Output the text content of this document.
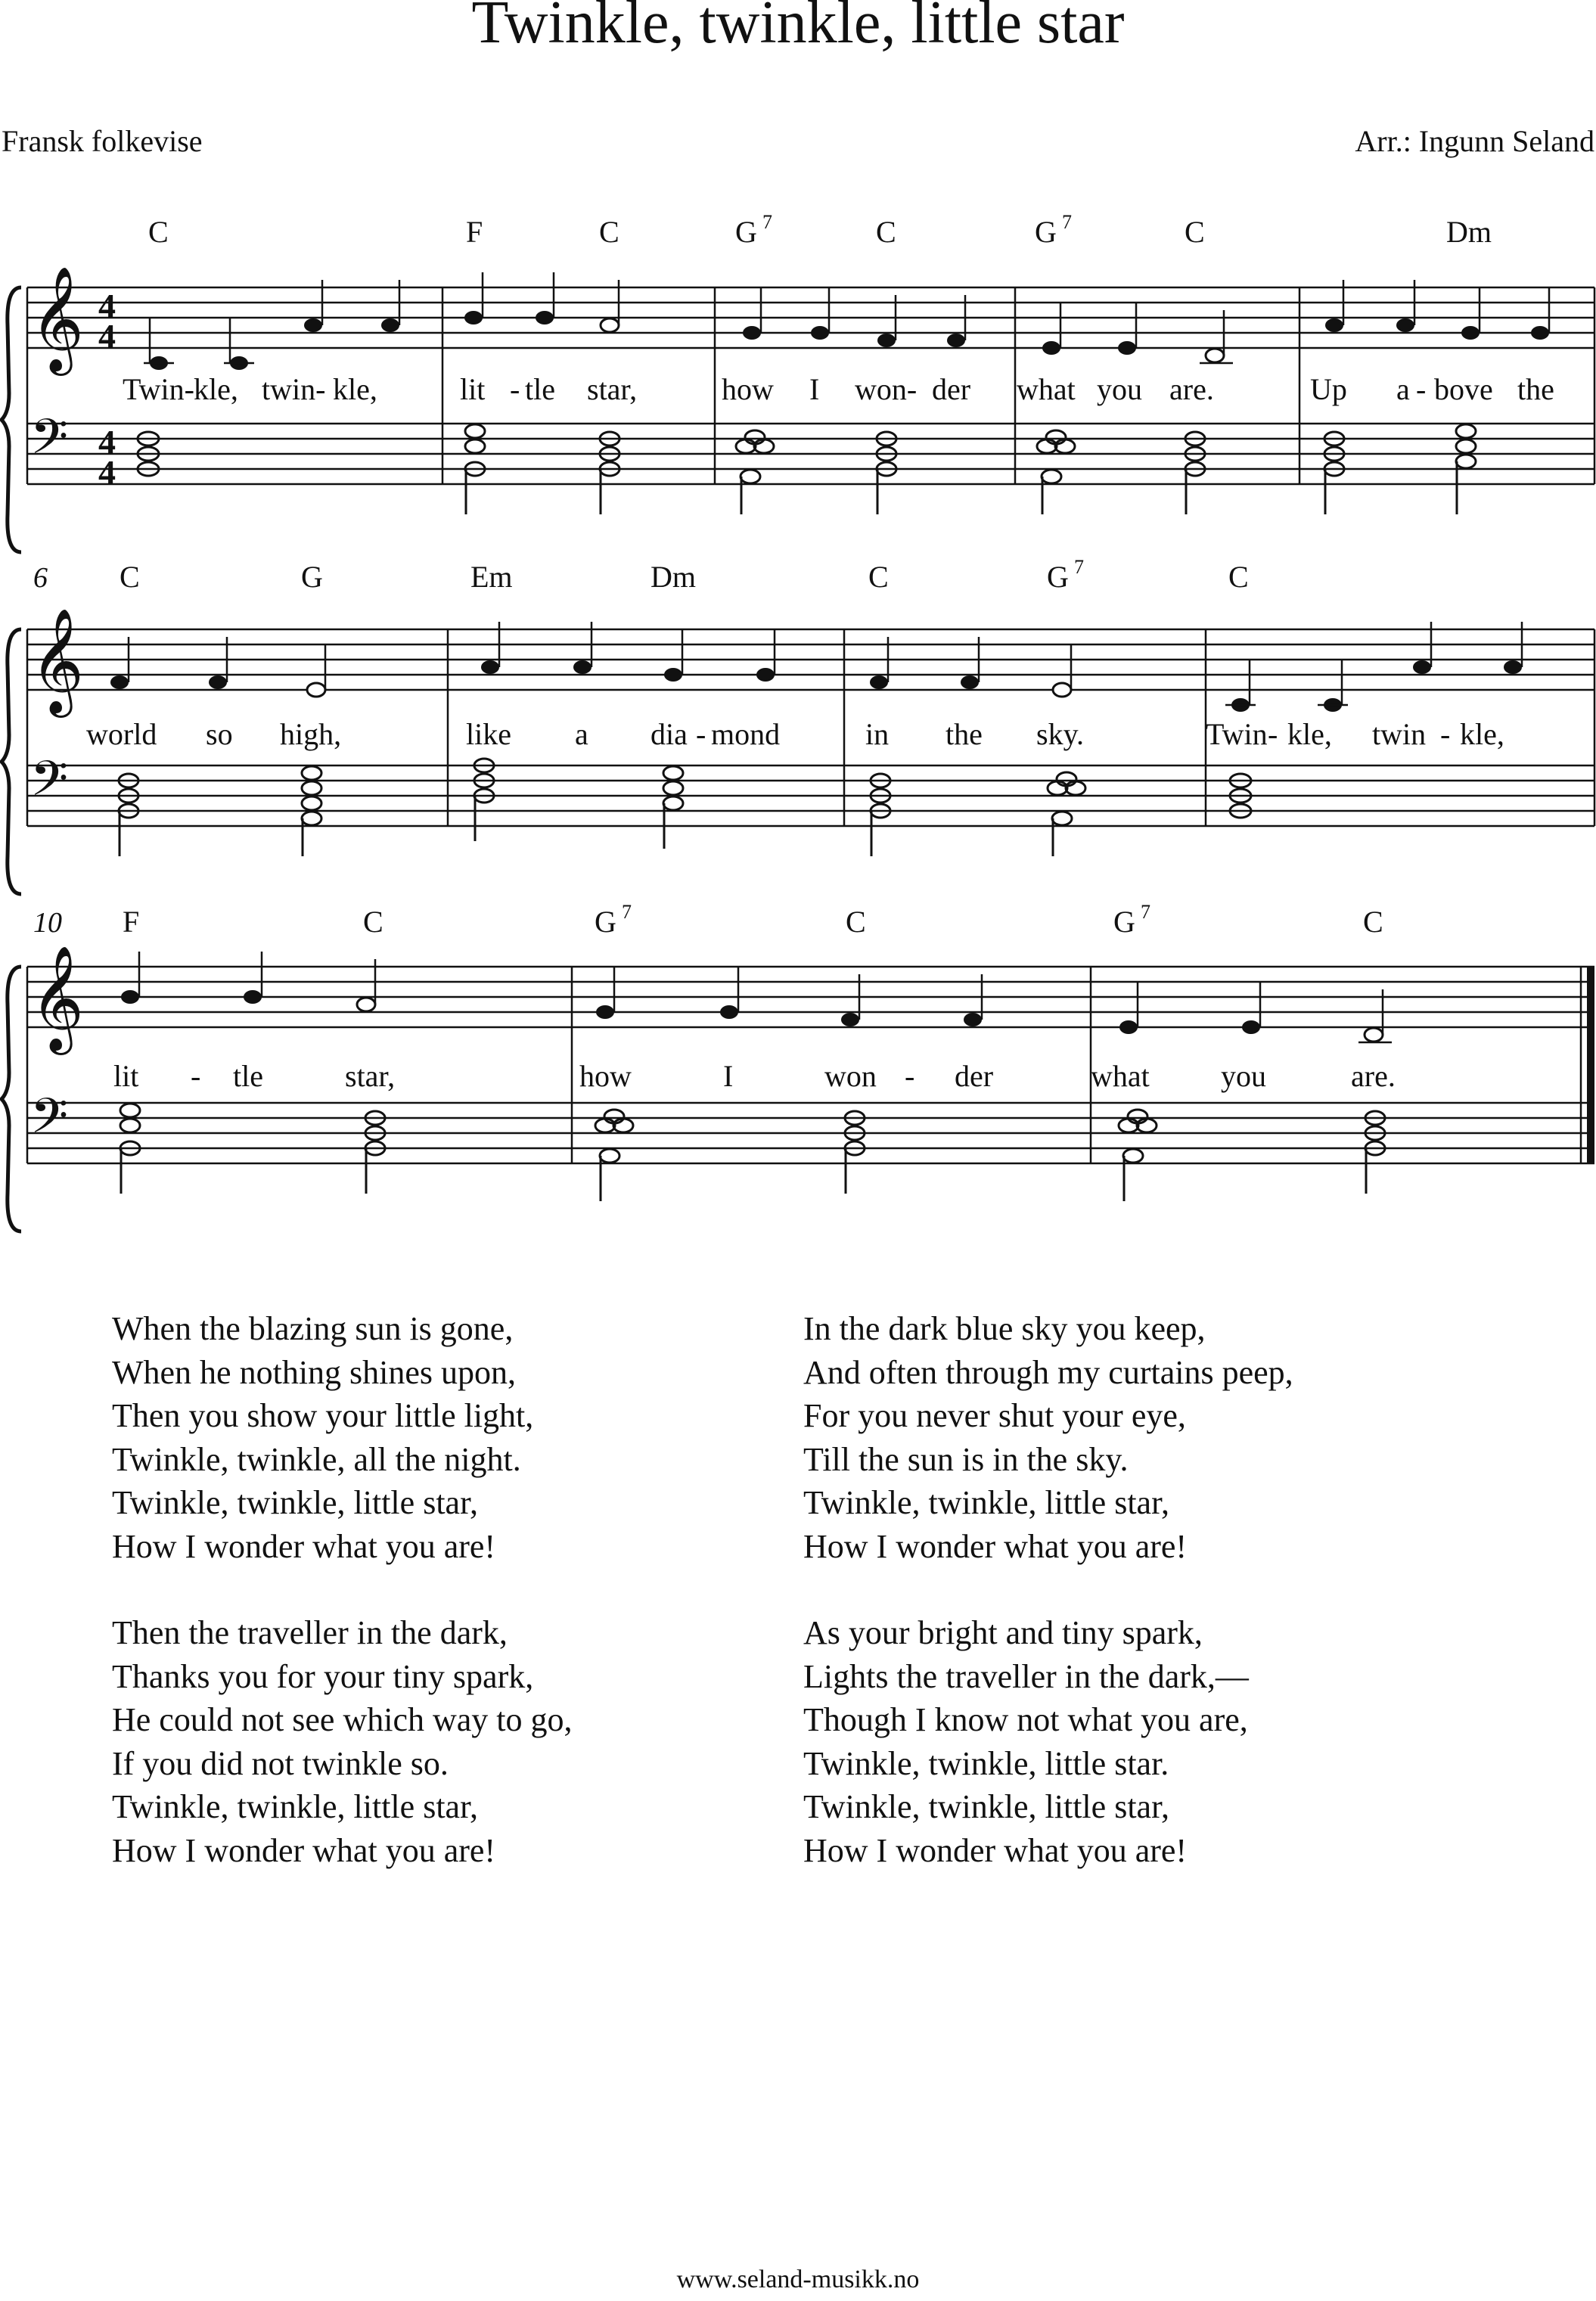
Twinkle, twinkle, little star
Fransk folkevise	Arr.: Ingunn Seland
C	F	C	G 7	C	G 7	C	Dm
𝄞
𝄢
4
4
4
4
Twin- kle, twin- kle,	lit - tle star,	how I won- der what you are.	Up a - bove the
6 C	G	Em	Dm	C	G 7	C
𝄞
𝄢
world so high,	like a dia - mond	in the sky.	Twin - kle, twin - kle,
10 F	C	G 7	C	G 7	C
𝄞
𝄢
lit - tle	star,	how	I	won - der	what you	are.
When the blazing sun is gone,
When he nothing shines upon,
Then you show your little light,
Twinkle, twinkle, all the night.
Twinkle, twinkle, little star,
How I wonder what you are!
Then the traveller in the dark,
Thanks you for your tiny spark,
He could not see which way to go,
If you did not twinkle so.
Twinkle, twinkle, little star,
How I wonder what you are!
In the dark blue sky you keep,
And often through my curtains peep,
For you never shut your eye,
Till the sun is in the sky.
Twinkle, twinkle, little star,
How I wonder what you are!
As your bright and tiny spark,
Lights the traveller in the dark,—
Though I know not what you are,
Twinkle, twinkle, little star.
Twinkle, twinkle, little star,
How I wonder what you are!
www.seland-musikk.no
